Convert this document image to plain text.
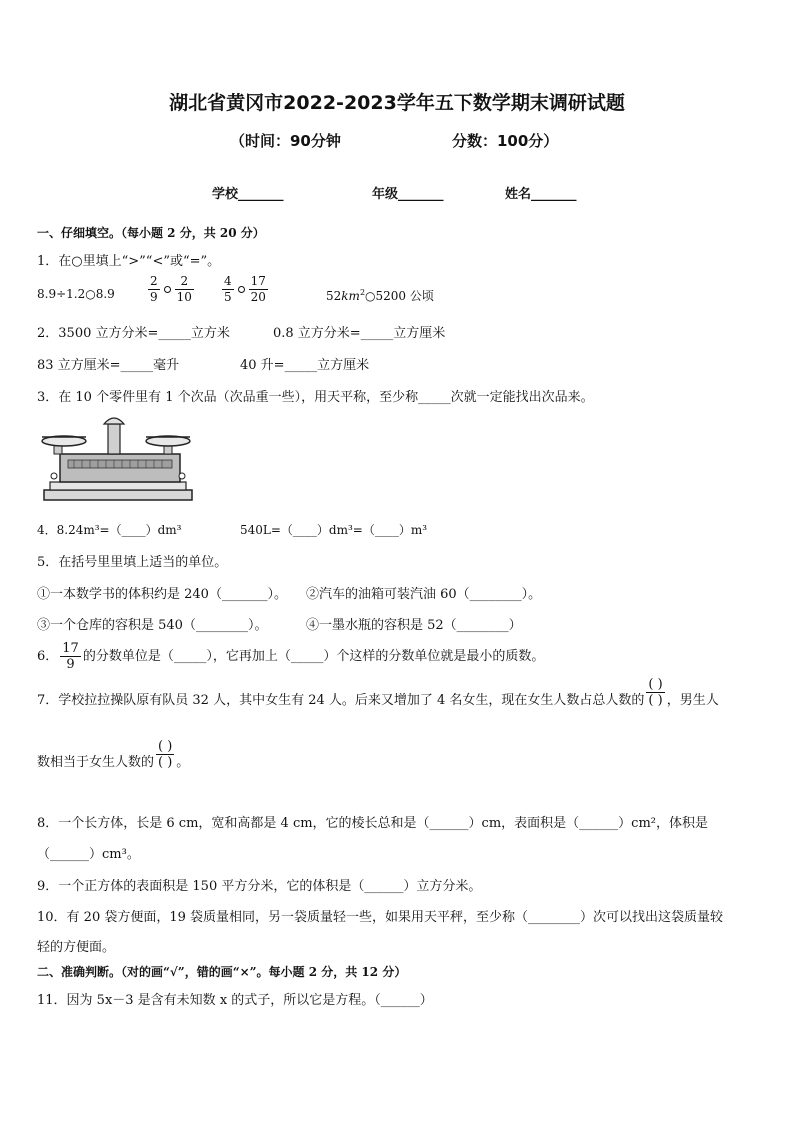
湖北省黄冈市2022-2023学年五下数学期末调研试题
（时间：90分钟	分数：100分）
学校_______	年级_______	姓名_______
一、仔细填空。（每小题 2 分，共 20 分）
1．在○里填上“>”“<”或“=”。
8.9÷1.2○8.9	$\frac{2}{9} \frac{2}{10} \frac{4}{5} \frac{17}{20}$	$52km^2○5200$ 公顷
2．3500 立方分米=_____立方米	0.8 立方分米=_____立方厘米
83 立方厘米=_____毫升	40 升=_____立方厘米
3．在 10 个零件里有 1 个次品（次品重一些），用天平称，至少称_____次就一定能找出次品来。
4．8.24m³=（____）dm³	540L=（____）dm³=（____）m³
5．在括号里里填上适当的单位。
①一本数学书的体积约是 240（_______）。 ②汽车的油箱可装汽油 60（________）。
③一个仓库的容积是 540（________）。	④一墨水瓶的容积是 52（________）
6． $\frac{17}{9}$ 的分数单位是（_____），它再加上（_____）个这样的分数单位就是最小的质数。
7．学校拉拉操队原有队员 32 人，其中女生有 24 人。后来又增加了 4 名女生，现在女生人数占总人数的 $\frac{( )}{( )}$ ，男生人
数相当于女生人数的 $\frac{( )}{( )}$ 。
8．一个长方体，长是 6 cm，宽和高都是 4 cm，它的棱长总和是（______）cm，表面积是（______）cm²，体积是
（______）cm³。
9．一个正方体的表面积是 150 平方分米，它的体积是（______）立方分米。
10．有 20 袋方便面，19 袋质量相同，另一袋质量轻一些，如果用天平秤，至少称（________）次可以找出这袋质量较
轻的方便面。
二、准确判断。（对的画“√”，错的画“×”。每小题 2 分，共 12 分）
11．因为 5x－3 是含有未知数 x 的式子，所以它是方程。（______）
